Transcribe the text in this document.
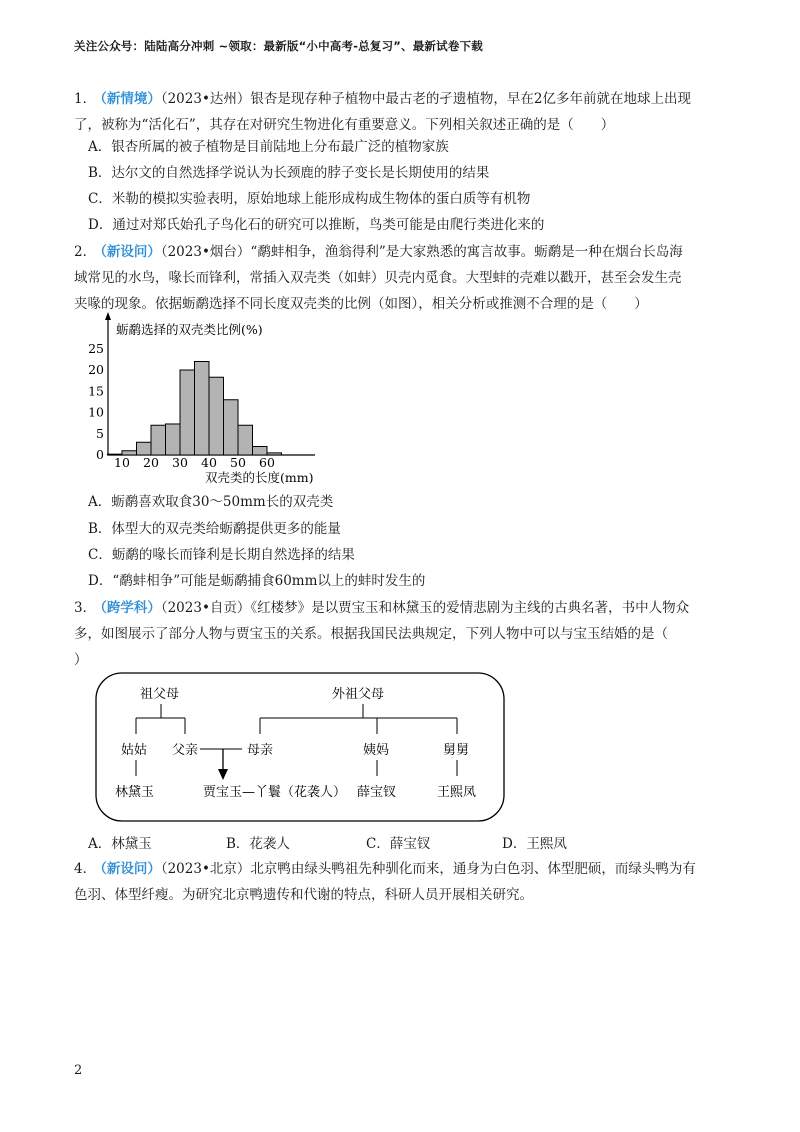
关注公众号：陆陆高分冲刺 ~领取：最新版“小中高考-总复习”、最新试卷下载
1． （新情境）（2023•达州）银杏是现存种子植物中最古老的孑遗植物，早在2亿多年前就在地球上出现
了，被称为“活化石”，其存在对研究生物进化有重要意义。下列相关叙述正确的是（　　）
A．银杏所属的被子植物是目前陆地上分布最广泛的植物家族
B．达尔文的自然选择学说认为长颈鹿的脖子变长是长期使用的结果
C．米勒的模拟实验表明，原始地球上能形成构成生物体的蛋白质等有机物
D．通过对郑氏始孔子鸟化石的研究可以推断，鸟类可能是由爬行类进化来的
2． （新设问）（2023•烟台）“鹬蚌相争，渔翁得利”是大家熟悉的寓言故事。蛎鹬是一种在烟台长岛海
域常见的水鸟，喙长而锋利，常插入双壳类（如蚌）贝壳内觅食。大型蚌的壳难以戳开，甚至会发生壳
夹喙的现象。依据蛎鹬选择不同长度双壳类的比例（如图），相关分析或推测不合理的是（　　）
蛎鹬选择的双壳类比例(%)
0
5
10
15
20
25
10 20 30 40 50 60
双壳类的长度(mm)
A．蛎鹬喜欢取食30～50mm长的双壳类
B．体型大的双壳类给蛎鹬提供更多的能量
C．蛎鹬的喙长而锋利是长期自然选择的结果
D．“鹬蚌相争”可能是蛎鹬捕食60mm以上的蚌时发生的
3． （跨学科）（2023•自贡）《红楼梦》是以贾宝玉和林黛玉的爱情悲剧为主线的古典名著，书中人物众
多，如图展示了部分人物与贾宝玉的关系。根据我国民法典规定，下列人物中可以与宝玉结婚的是（
）
祖父母	外祖父母
姑姑 父亲	母亲	姨妈	舅舅
林黛玉	贾宝玉—丫鬟（花袭人） 薛宝钗	王熙凤
A．林黛玉	B．花袭人	C．薛宝钗	D．王熙凤
4． （新设问）（2023•北京）北京鸭由绿头鸭祖先种驯化而来，通身为白色羽、体型肥硕，而绿头鸭为有
色羽、体型纤瘦。为研究北京鸭遗传和代谢的特点，科研人员开展相关研究。
2
